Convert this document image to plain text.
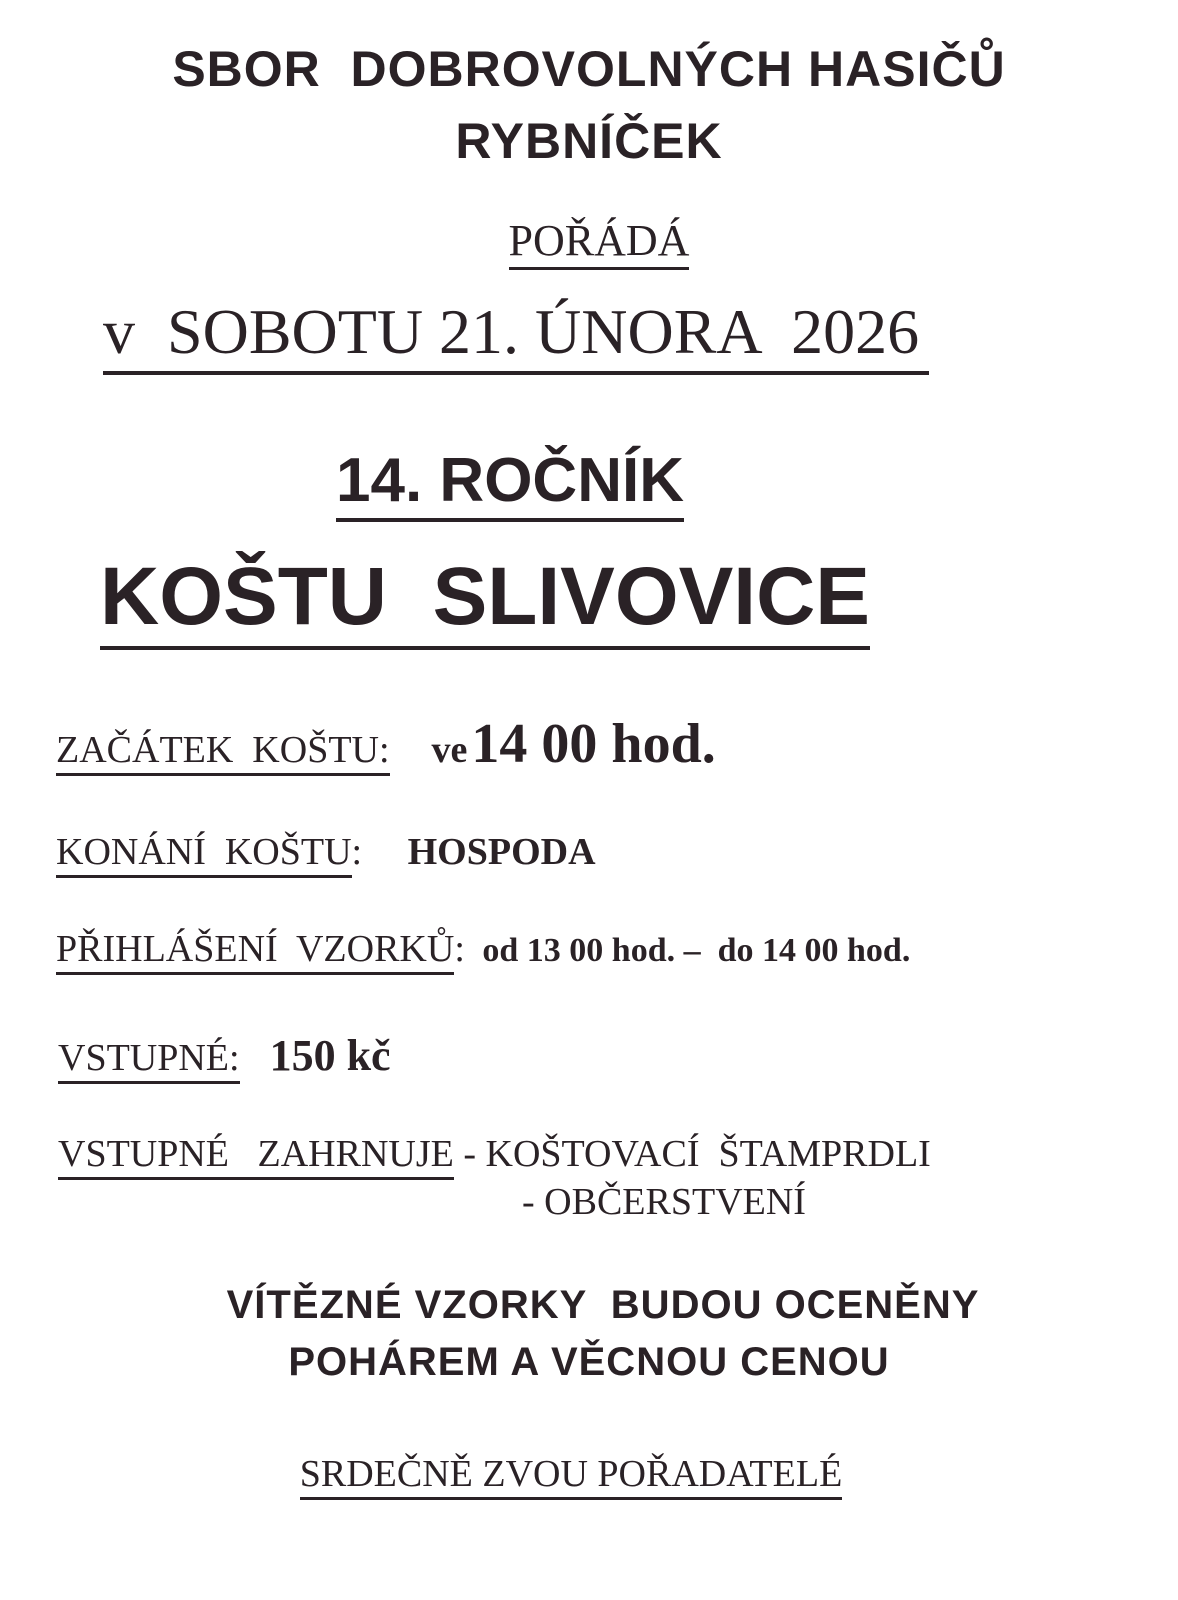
SBOR  DOBROVOLNÝCH HASIČŮ
RYBNÍČEK
POŘÁDÁ
v  SOBOTU 21. ÚNORA  2026
14. ROČNÍK
KOŠTU  SLIVOVICE
ZAČÁTEK  KOŠTU: ve 14 00 hod.
KONÁNÍ  KOŠTU: HOSPODA
PŘIHLÁŠENÍ  VZORKŮ: od 13 00 hod. –  do 14 00 hod.
VSTUPNÉ: 150 kč
VSTUPNÉ   ZAHRNUJE - KOŠTOVACÍ  ŠTAMPRDLI
- OBČERSTVENÍ
VÍTĚZNÉ VZORKY  BUDOU OCENĚNY
POHÁREM A VĚCNOU CENOU
SRDEČNĚ ZVOU POŘADATELÉ
